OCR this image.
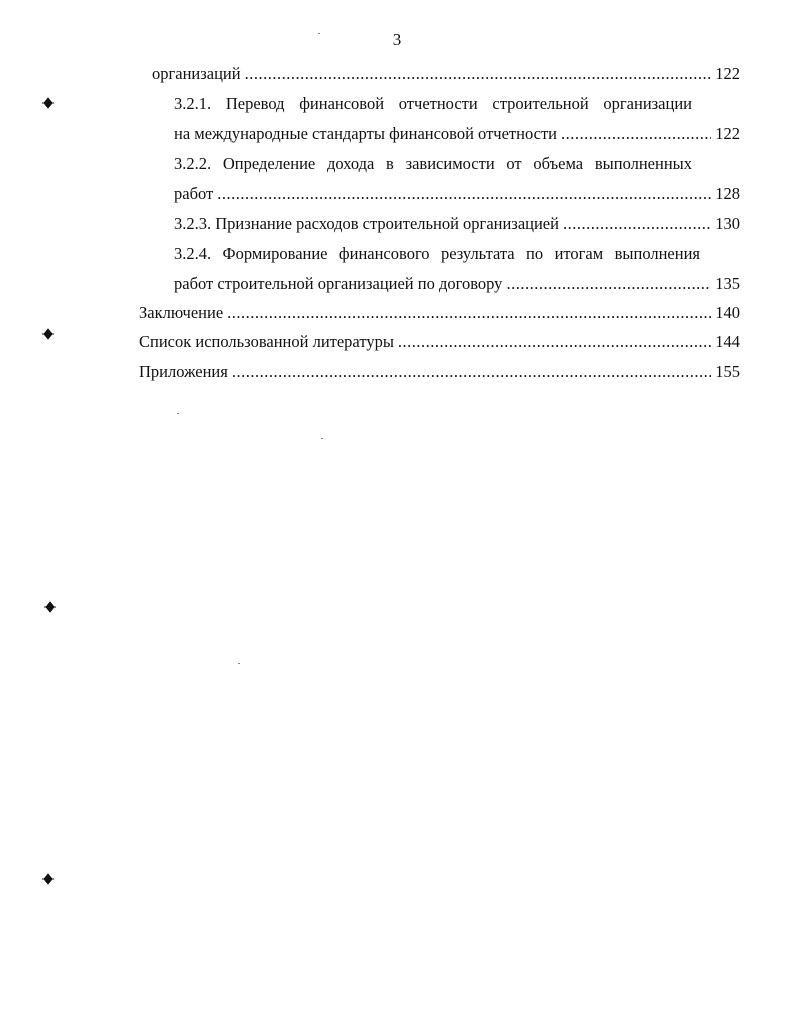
3
организаций .....	122
3.2.1. Перевод финансовой отчетности строительной организации
на международные стандарты финансовой отчетности .....	122
3.2.2. Определение дохода в зависимости от объема выполненных
работ .....	128
3.2.3. Признание расходов строительной организацией .....	130
3.2.4. Формирование финансового результата по итогам выполнения
работ строительной организацией по договору .....	135
Заключение .....	140
Список использованной литературы .....	144
Приложения .....	155
